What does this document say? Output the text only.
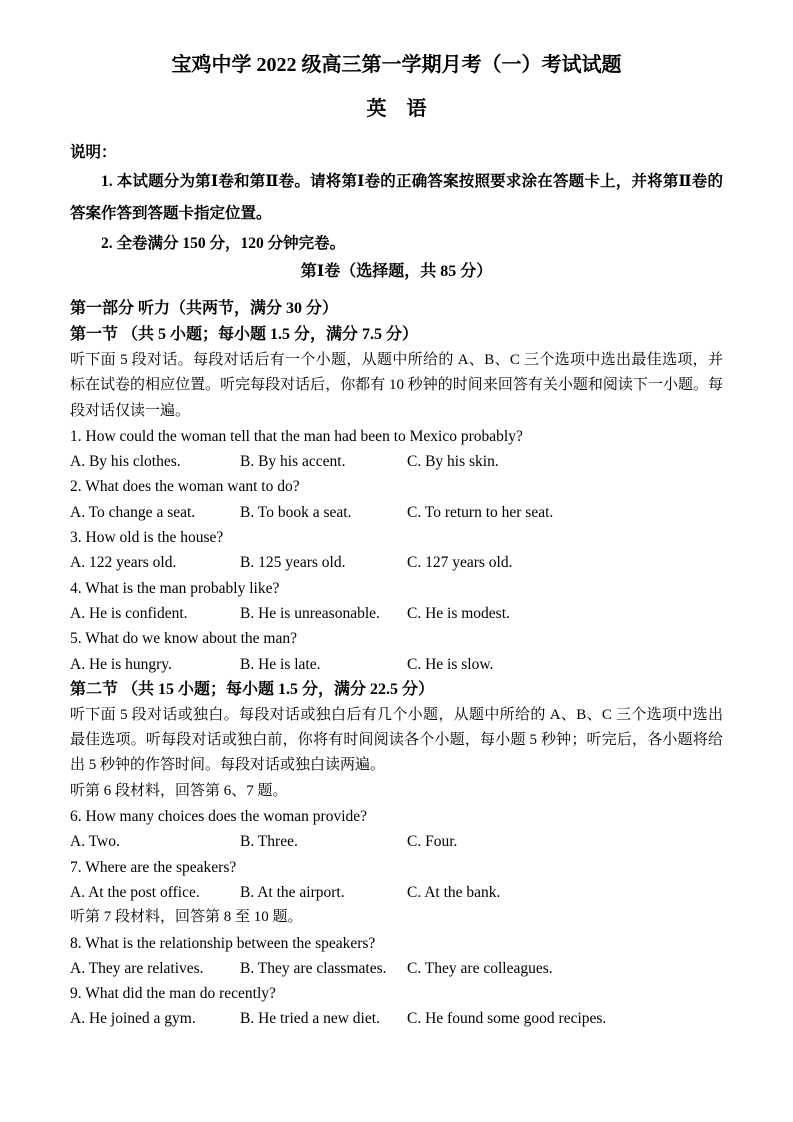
宝鸡中学 2022 级高三第一学期月考（一）考试试题
英　语

说明：

1. 本试题分为第Ⅰ卷和第Ⅱ卷。请将第Ⅰ卷的正确答案按照要求涂在答题卡上，并将第Ⅱ卷的答案作答到答题卡指定位置。

2. 全卷满分 150 分，120 分钟完卷。

第Ⅰ卷（选择题，共 85 分）

第一部分 听力（共两节，满分 30 分）

第一节 （共 5 小题；每小题 1.5 分，满分 7.5 分）

听下面 5 段对话。每段对话后有一个小题，从题中所给的 A、B、C 三个选项中选出最佳选项，并标在试卷的相应位置。听完每段对话后，你都有 10 秒钟的时间来回答有关小题和阅读下一小题。每段对话仅读一遍。

1. How could the woman tell that the man had been to Mexico probably?

A. By his clothes.	B. By his accent.	C. By his skin.

2. What does the woman want to do?

A. To change a seat.	B. To book a seat.	C. To return to her seat.

3. How old is the house?

A. 122 years old.	B. 125 years old.	C. 127 years old.

4. What is the man probably like?

A. He is confident.	B. He is unreasonable.	C. He is modest.

5. What do we know about the man?

A. He is hungry.	B. He is late.	C. He is slow.

第二节 （共 15 小题；每小题 1.5 分，满分 22.5 分）

听下面 5 段对话或独白。每段对话或独白后有几个小题，从题中所给的 A、B、C 三个选项中选出最佳选项。听每段对话或独白前，你将有时间阅读各个小题，每小题 5 秒钟；听完后，各小题将给出 5 秒钟的作答时间。每段对话或独白读两遍。

听第 6 段材料，回答第 6、7 题。

6. How many choices does the woman provide?

A. Two.	B. Three.	C. Four.

7. Where are the speakers?

A. At the post office.	B. At the airport.	C. At the bank.

听第 7 段材料，回答第 8 至 10 题。

8. What is the relationship between the speakers?

A. They are relatives.	B. They are classmates.	C. They are colleagues.

9. What did the man do recently?

A. He joined a gym.	B. He tried a new diet.	C. He found some good recipes.
